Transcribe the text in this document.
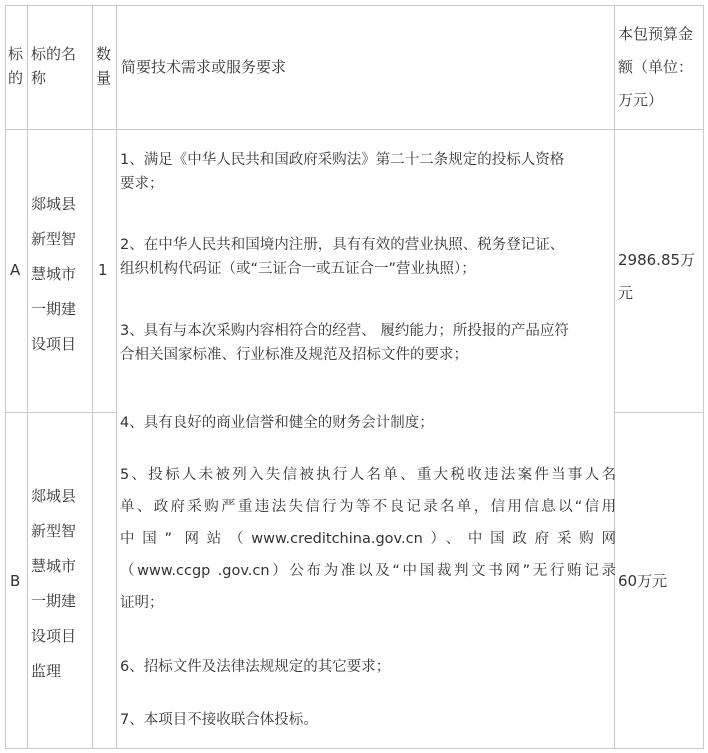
标
的
标的名
称
数
量
简要技术需求或服务要求
本包预算金
额（单位：
万元）
A
郯城县
新型智
慧城市
一期建
设项目
1
2986.85万
元
B
郯城县
新型智
慧城市
一期建
设项目
监理
60万元

1、满足《中华人民共和国政府采购法》第二十二条规定的投标人资格
要求；

2、在中华人民共和国境内注册，具有有效的营业执照、税务登记证、
组织机构代码证（或“三证合一或五证合一”营业执照）；

3、具有与本次采购内容相符合的经营、 履约能力；所投报的产品应符
合相关国家标准、行业标准及规范及招标文件的要求；

4、具有良好的商业信誉和健全的财务会计制度；

5、投标人未被列入失信被执行人名单、重大税收违法案件当事人名
单、政府采购严重违法失信行为等不良记录名单，信用信息以“信用
中国” 网站（www.creditchina.gov.cn）、中国政府采购网
（www.ccgp .gov.cn）公布为准以及“中国裁判文书网”无行贿记录
证明；

6、招标文件及法律法规规定的其它要求；

7、本项目不接收联合体投标。
